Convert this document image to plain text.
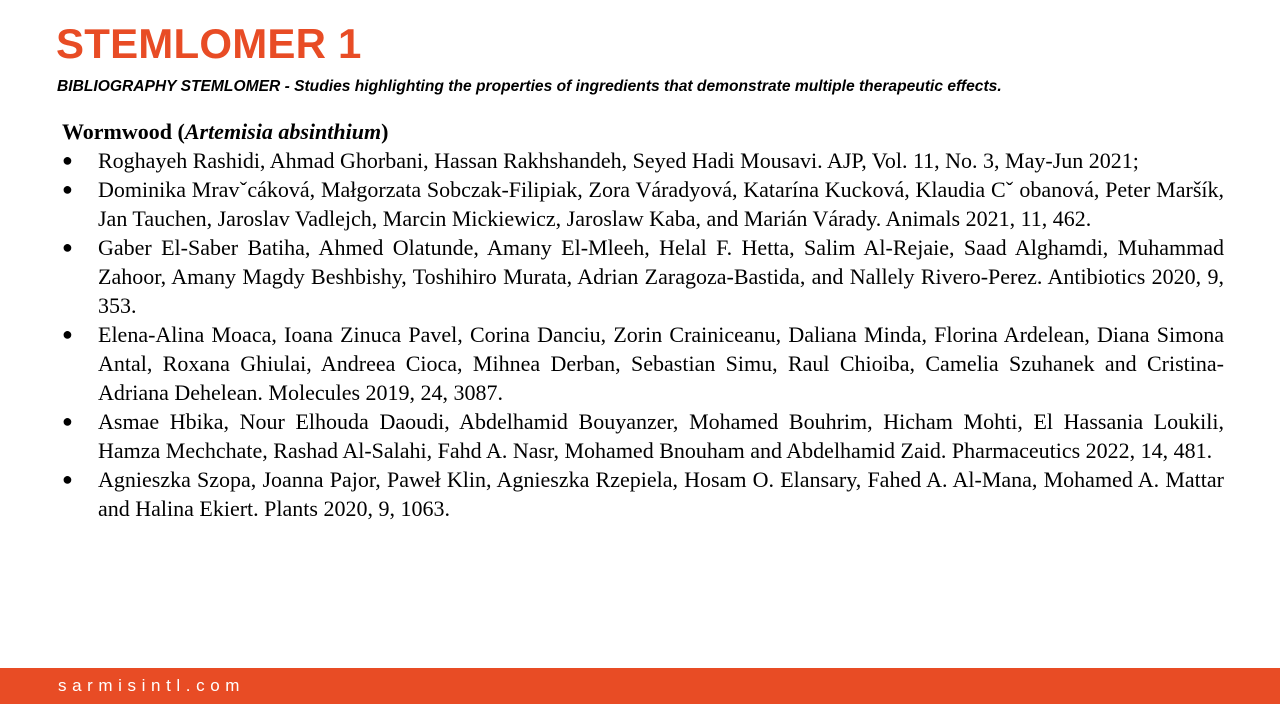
STEMLOMER 1

BIBLIOGRAPHY STEMLOMER - Studies highlighting the properties of ingredients that demonstrate multiple therapeutic effects.

Wormwood (Artemisia absinthium)

● Roghayeh Rashidi, Ahmad Ghorbani, Hassan Rakhshandeh, Seyed Hadi Mousavi. AJP, Vol. 11, No. 3, May-Jun 2021;
● Dominika Mravˇcáková, Małgorzata Sobczak-Filipiak, Zora Váradyová, Katarína Kucková, Klaudia Cˇ obanová, Peter Maršík, Jan Tauchen, Jaroslav Vadlejch, Marcin Mickiewicz, Jaroslaw Kaba, and Marián Várady. Animals 2021, 11, 462.
● Gaber El-Saber Batiha, Ahmed Olatunde, Amany El-Mleeh, Helal F. Hetta, Salim Al-Rejaie, Saad Alghamdi, Muhammad Zahoor, Amany Magdy Beshbishy, Toshihiro Murata, Adrian Zaragoza-Bastida, and Nallely Rivero-Perez. Antibiotics 2020, 9, 353.
● Elena-Alina Moaca, Ioana Zinuca Pavel, Corina Danciu, Zorin Crainiceanu, Daliana Minda, Florina Ardelean, Diana Simona Antal, Roxana Ghiulai, Andreea Cioca, Mihnea Derban, Sebastian Simu, Raul Chioiba, Camelia Szuhanek and Cristina-Adriana Dehelean. Molecules 2019, 24, 3087.
● Asmae Hbika, Nour Elhouda Daoudi, Abdelhamid Bouyanzer, Mohamed Bouhrim, Hicham Mohti, El Hassania Loukili, Hamza Mechchate, Rashad Al-Salahi, Fahd A. Nasr, Mohamed Bnouham and Abdelhamid Zaid. Pharmaceutics 2022, 14, 481.
● Agnieszka Szopa, Joanna Pajor, Paweł Klin, Agnieszka Rzepiela, Hosam O. Elansary, Fahed A. Al-Mana, Mohamed A. Mattar and Halina Ekiert. Plants 2020, 9, 1063.
sarmisintl.com
